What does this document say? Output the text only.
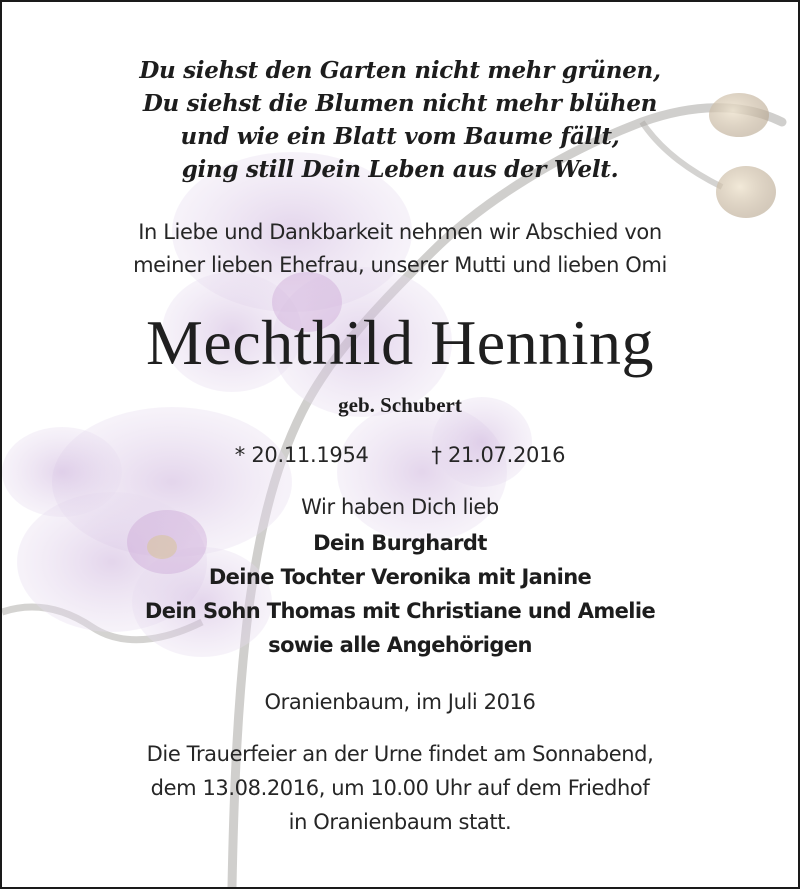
Du siehst den Garten nicht mehr grünen,
Du siehst die Blumen nicht mehr blühen
und wie ein Blatt vom Baume fällt,
ging still Dein Leben aus der Welt.
In Liebe und Dankbarkeit nehmen wir Abschied von
meiner lieben Ehefrau, unserer Mutti und lieben Omi
Mechthild Henning
geb. Schubert
* 20.11.1954	† 21.07.2016
Wir haben Dich lieb
Dein Burghardt
Deine Tochter Veronika mit Janine
Dein Sohn Thomas mit Christiane und Amelie
sowie alle Angehörigen
Oranienbaum, im Juli 2016
Die Trauerfeier an der Urne findet am Sonnabend,
dem 13.08.2016, um 10.00 Uhr auf dem Friedhof
in Oranienbaum statt.
